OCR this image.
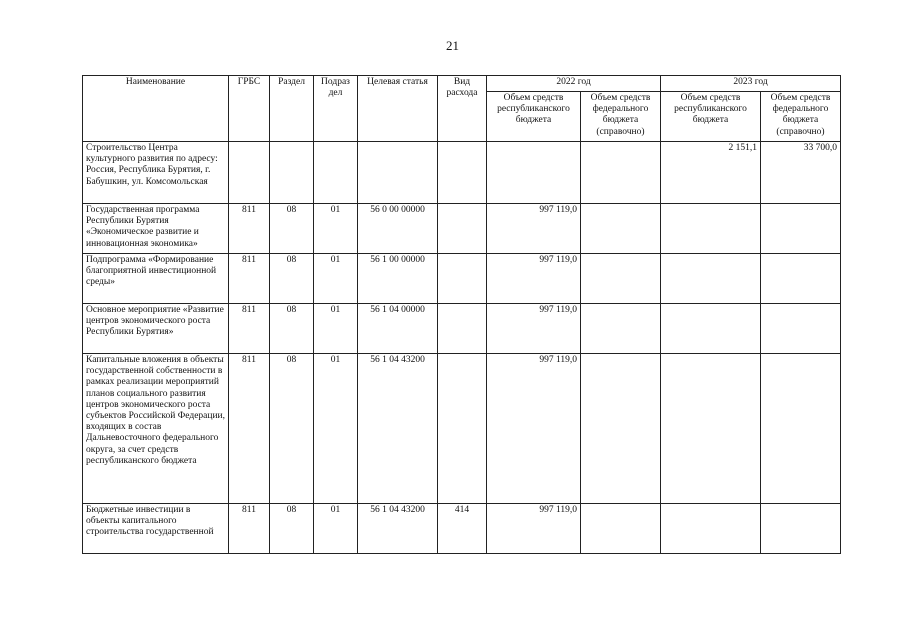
21
Наименование	ГРБС	Раздел	Подраз дел	Целевая статья	Вид расхода	2022 год		2023 год	
						Объем средств республиканского бюджета	Объем средств федерального бюджета (справочно)	Объем средств республиканского бюджета	Объем средств федерального бюджета (справочно)
Строительство Центра культурного развития по адресу: Россия, Республика Бурятия, г. Бабушкин, ул. Комсомольская								2 151,1	33 700,0
Государственная программа Республики Бурятия «Экономическое развитие и инновационная экономика»	811	08	01	56 0 00 00000		997 119,0			
Подпрограмма «Формирование благоприятной инвестиционной среды»	811	08	01	56 1 00 00000		997 119,0			
Основное мероприятие «Развитие центров экономического роста Республики Бурятия»	811	08	01	56 1 04 00000		997 119,0			
Капитальные вложения в объекты государственной собственности в рамках реализации мероприятий планов социального развития центров экономического роста субъектов Российской Федерации, входящих в состав Дальневосточного федерального округа, за счет средств республиканского бюджета	811	08	01	56 1 04 43200		997 119,0			
Бюджетные инвестиции в объекты капитального строительства государственной	811	08	01	56 1 04 43200	414	997 119,0			
